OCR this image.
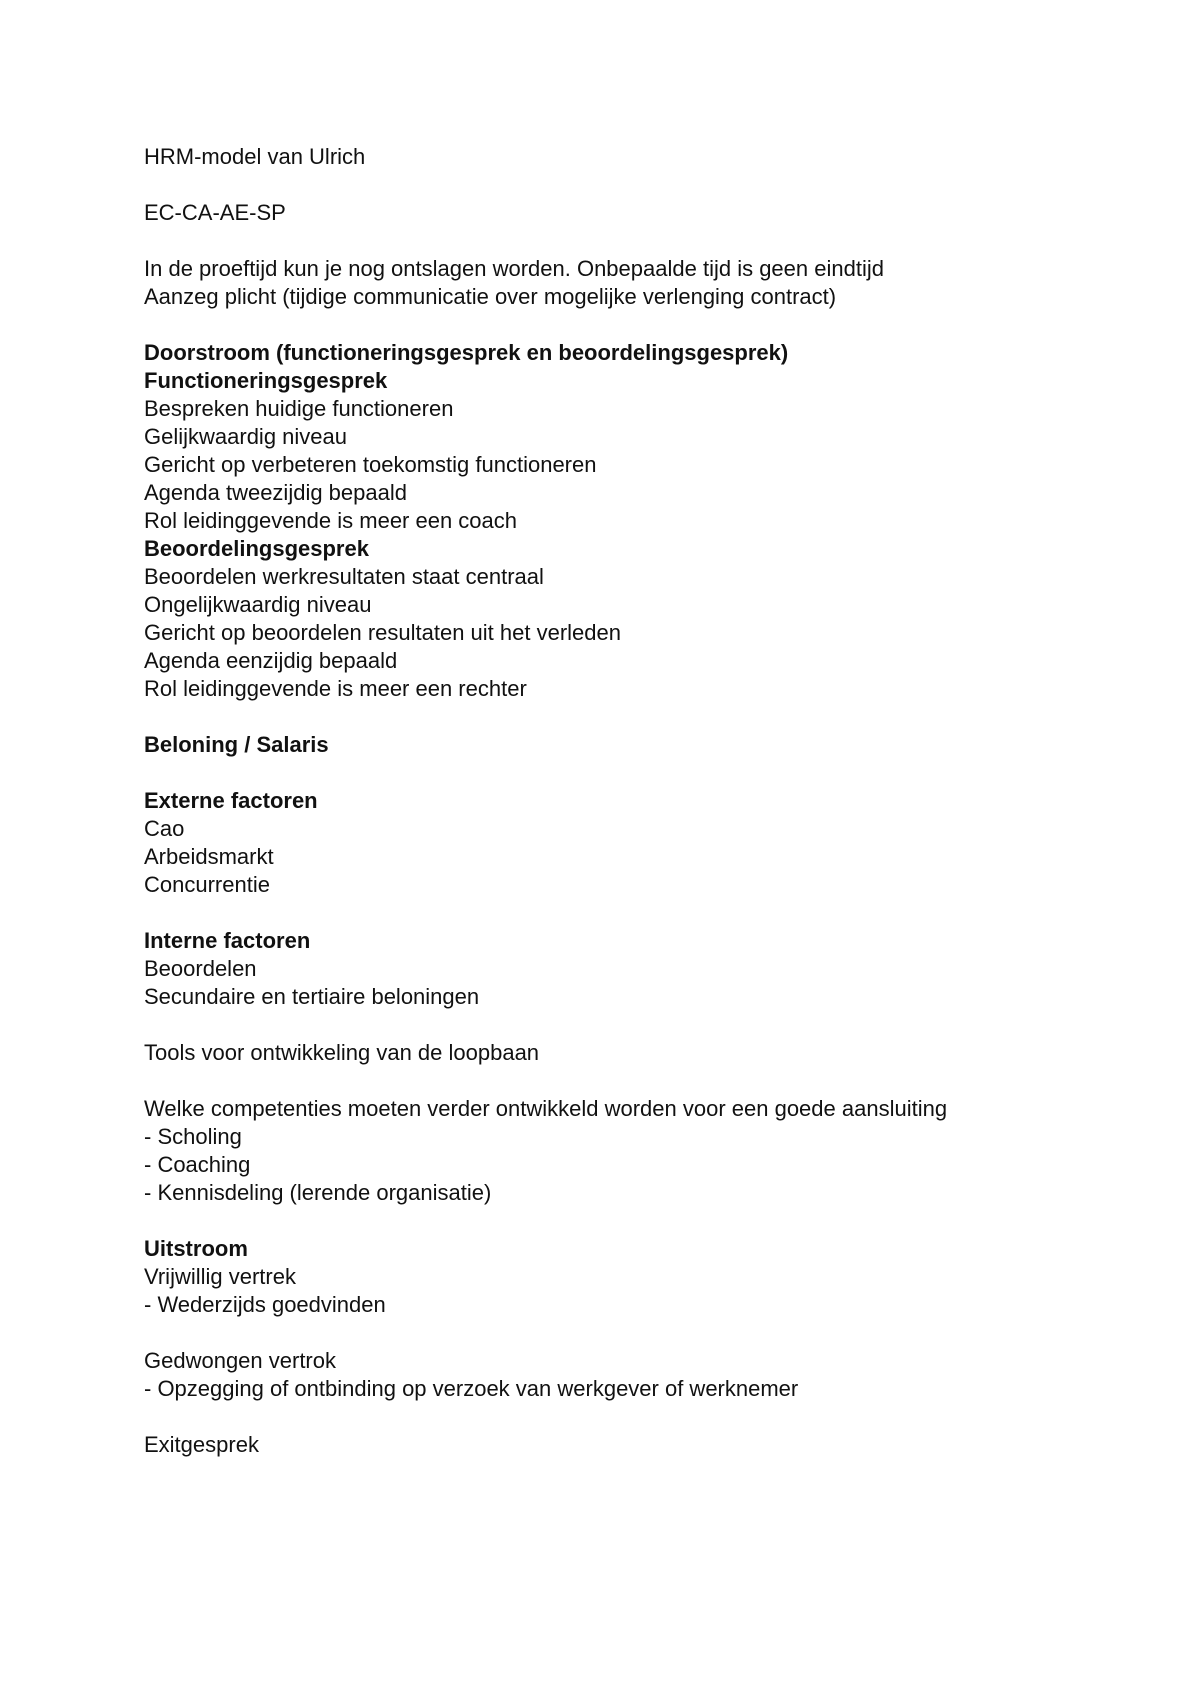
HRM-model van Ulrich
EC-CA-AE-SP
In de proeftijd kun je nog ontslagen worden. Onbepaalde tijd is geen eindtijd
Aanzeg plicht (tijdige communicatie over mogelijke verlenging contract)
Doorstroom (functioneringsgesprek en beoordelingsgesprek)
Functioneringsgesprek
Bespreken huidige functioneren
Gelijkwaardig niveau
Gericht op verbeteren toekomstig functioneren
Agenda tweezijdig bepaald
Rol leidinggevende is meer een coach
Beoordelingsgesprek
Beoordelen werkresultaten staat centraal
Ongelijkwaardig niveau
Gericht op beoordelen resultaten uit het verleden
Agenda eenzijdig bepaald
Rol leidinggevende is meer een rechter
Beloning / Salaris
Externe factoren
Cao
Arbeidsmarkt
Concurrentie
Interne factoren
Beoordelen
Secundaire en tertiaire beloningen
Tools voor ontwikkeling van de loopbaan
Welke competenties moeten verder ontwikkeld worden voor een goede aansluiting
- Scholing
- Coaching
- Kennisdeling (lerende organisatie)
Uitstroom
Vrijwillig vertrek
- Wederzijds goedvinden
Gedwongen vertrok
- Opzegging of ontbinding op verzoek van werkgever of werknemer
Exitgesprek
